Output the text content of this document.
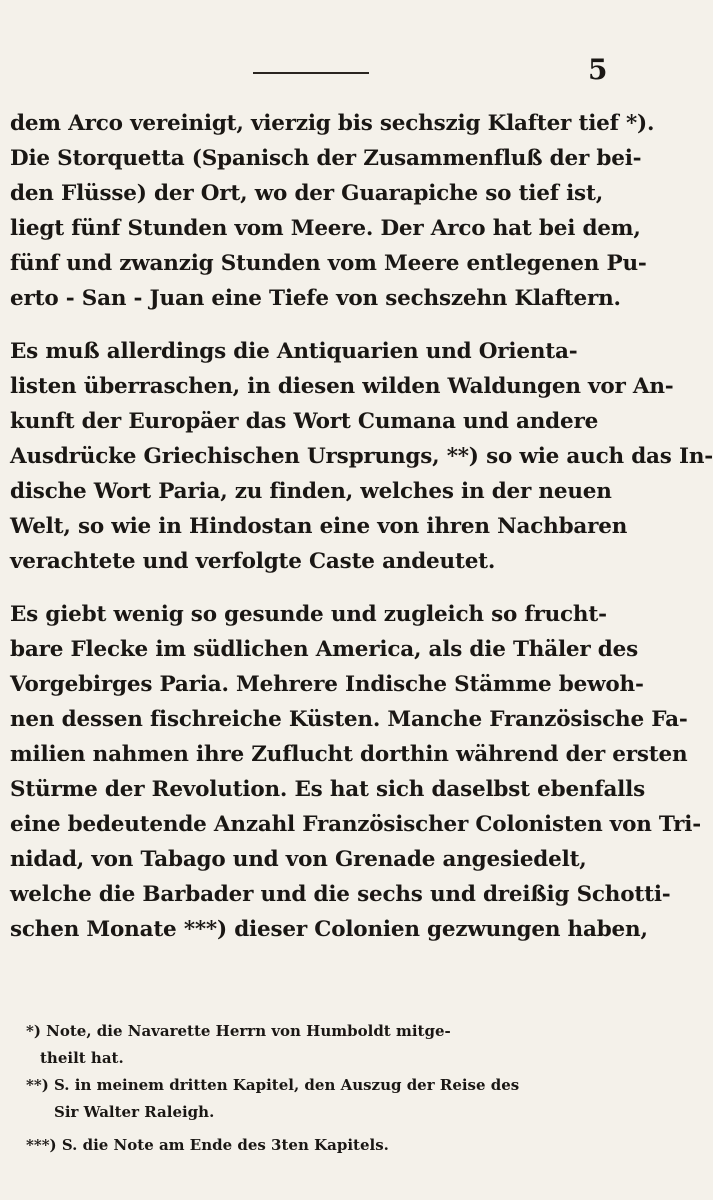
5
dem Arco vereinigt, vierzig bis sechszig Klafter tief *).
Die Storquetta (Spanisch der Zusammenfluß der bei-
den Flüsse) der Ort, wo der Guarapiche so tief ist,
liegt fünf Stunden vom Meere. Der Arco hat bei dem,
fünf und zwanzig Stunden vom Meere entlegenen Pu-
erto - San - Juan eine Tiefe von sechszehn Klaftern.
Es muß allerdings die Antiquarien und Orienta-
listen überraschen, in diesen wilden Waldungen vor An-
kunft der Europäer das Wort Cumana und andere
Ausdrücke Griechischen Ursprungs, **) so wie auch das In-
dische Wort Paria, zu finden, welches in der neuen
Welt, so wie in Hindostan eine von ihren Nachbaren
verachtete und verfolgte Caste andeutet.
Es giebt wenig so gesunde und zugleich so frucht-
bare Flecke im südlichen America, als die Thäler des
Vorgebirges Paria. Mehrere Indische Stämme bewoh-
nen dessen fischreiche Küsten. Manche Französische Fa-
milien nahmen ihre Zuflucht dorthin während der ersten
Stürme der Revolution. Es hat sich daselbst ebenfalls
eine bedeutende Anzahl Französischer Colonisten von Tri-
nidad, von Tabago und von Grenade angesiedelt,
welche die Barbader und die sechs und dreißig Schotti-
schen Monate ***) dieser Colonien gezwungen haben,
*) Note, die Navarette Herrn von Humboldt mitge-
theilt hat.
**) S. in meinem dritten Kapitel, den Auszug der Reise des
Sir Walter Raleigh.
***) S. die Note am Ende des 3ten Kapitels.
